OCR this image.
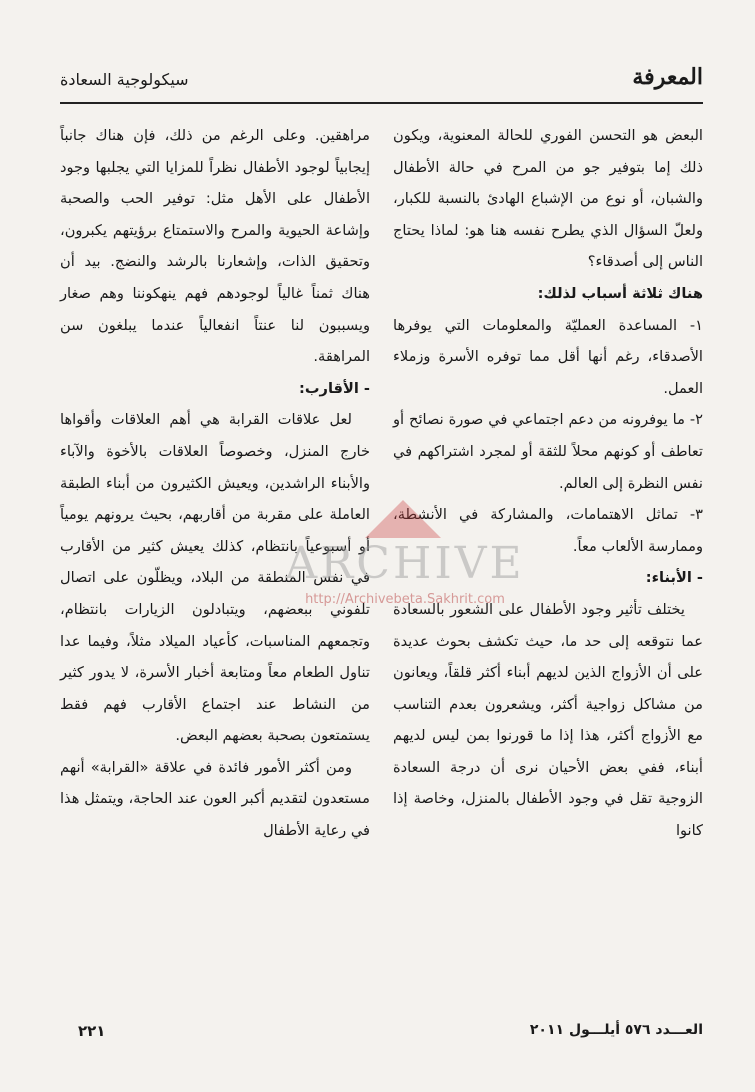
المعرفة
سيكولوجية السعادة

البعض هو التحسن الفوري للحالة المعنوية، ويكون ذلك إما بتوفير جو من المرح في حالة الأطفال والشبان، أو نوع من الإشباع الهادئ بالنسبة للكبار، ولعلّ السؤال الذي يطرح نفسه هنا هو: لماذا يحتاج الناس إلى أصدقاء؟

هناك ثلاثة أسباب لذلك:

١- المساعدة العمليّة والمعلومات التي يوفرها الأصدقاء، رغم أنها أقل مما توفره الأسرة وزملاء العمل.

٢- ما يوفرونه من دعم اجتماعي في صورة نصائح أو تعاطف أو كونهم محلاً للثقة أو لمجرد اشتراكهم في نفس النظرة إلى العالم.

٣- تماثل الاهتمامات، والمشاركة في الأنشطة، وممارسة الألعاب معاً.

- الأبناء:

يختلف تأثير وجود الأطفال على الشعور بالسعادة عما نتوقعه إلى حد ما، حيث تكشف بحوث عديدة على أن الأزواج الذين لديهم أبناء أكثر قلقاً، ويعانون من مشاكل زواجية أكثر، ويشعرون بعدم التناسب مع الأزواج أكثر، هذا إذا ما قورنوا بمن ليس لديهم أبناء، ففي بعض الأحيان نرى أن درجة السعادة الزوجية تقل في وجود الأطفال بالمنزل، وخاصة إذا كانوا

مراهقين. وعلى الرغم من ذلك، فإن هناك جانباً إيجابياً لوجود الأطفال نظراً للمزايا التي يجلبها وجود الأطفال على الأهل مثل: توفير الحب والصحبة وإشاعة الحيوية والمرح والاستمتاع برؤيتهم يكبرون، وتحقيق الذات، وإشعارنا بالرشد والنضج. بيد أن هناك ثمناً غالياً لوجودهم فهم ينهكوننا وهم صغار ويسببون لنا عنتاً انفعالياً عندما يبلغون سن المراهقة.

- الأقارب:

لعل علاقات القرابة هي أهم العلاقات وأقواها خارج المنزل، وخصوصاً العلاقات بالأخوة والآباء والأبناء الراشدين، ويعيش الكثيرون من أبناء الطبقة العاملة على مقربة من أقاربهم، بحيث يرونهم يومياً أو أسبوعياً بانتظام، كذلك يعيش كثير من الأقارب في نفس المنطقة من البلاد، ويظلّون على اتصال تلفوني ببعضهم، ويتبادلون الزيارات بانتظام، وتجمعهم المناسبات، كأعياد الميلاد مثلاً، وفيما عدا تناول الطعام معاً ومتابعة أخبار الأسرة، لا يدور كثير من النشاط عند اجتماع الأقارب فهم فقط يستمتعون بصحبة بعضهم البعض.

ومن أكثر الأمور فائدة في علاقة «القرابة» أنهم مستعدون لتقديم أكبر العون عند الحاجة، ويتمثل هذا في رعاية الأطفال

ARCHIVE
http://Archivebeta.Sakhrit.com
العـــدد ٥٧٦ أيلـــول ٢٠١١
٢٢١
